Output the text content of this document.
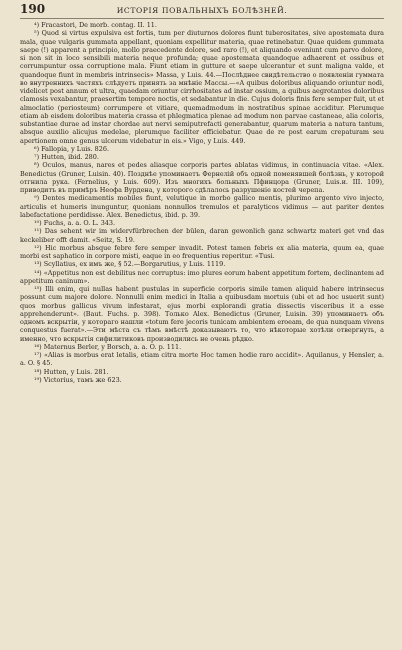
190	ИСТОРІЯ ПОВАЛЬНЫХЪ БОЛѢЗНЕЙ.

⁴) Fracastori, De morb. contag. II. 11.

⁵) Quod si virtus expulsiva est fortis, tum per diuturnos dolores fiunt tuberositates, sive apostemata dura mala, quae vulgaris gummata appellant, quoniam expellitur materia, quae retinebatur. Quae quidem gummata saepe (!) apparent a principio, mollo praecedente dolore, sed raro (!), et aliquando eveniunt cum parvo dolore, si non sit in loco sensibili materia neque profunda; quae apostemata quandoque adhaerent et ossibus et corrumpuntur ossa corruptione mala. Fiunt etiam in gutture et saepe ulcerantur et sunt maligna valde, et quandoque fiunt in membris intrinsecis» Massa, y Luis. 44.—Послѣднее свидѣтельство о появленіи гуммата во внутреннихъ частяхъ слѣдуетъ принять за мнѣніе Массы.—«A quibus doloribus aliquando oriuntur nodi, videlicet post annum et ultra, quaedam oriuntur cirrhositates ad instar ossium, a quibus aegrotantes doloribus clamosis vexabantur, praesertim tempore noctis, et sedabantur in die. Cujus doloris finis fere semper fuit, ut et almoclatio (periosteum) corrumpere et vitiare, quemadmodum in nostratibus spinae acciditur. Plerumque etiam ab eisdem doloribus materia crassa et phlegmatica plenae ad modum non parvae castaneae, alia coloris, substantiae durae ad instar chordae aut nervi semiputrefacti generabantur, quarum materia a natura tantum, absque auxilio alicujus medelae, plerumque faciliter efficiebatur. Quae de re post earum crepaturam seu apertionem omne genus ulcerum videbatur in eis.» Vigo, y Luis. 449.

⁶) Fallopia, y Luis. 826.

⁷) Hutten, ibid. 280.

⁸) Oculos, manus, nares et pedes aliasque corporis partes ablatas vidimus, in continuacia vitae. «Alex. Benedictus (Gruner, Luisin. 40). Позднѣе упоминаетъ Фернелій объ одной поменявшей болѣзнь, у которой отгнила рука. (Fernelius, y Luis. 609). Изъ многихъ больныхъ Пфинцора (Gruner, Luis.и. III. 109), приводитъ въ примѣръ Неофа Вурдена, у которого сдѣлалось разрушеніе костей черепа.

⁹) Dentes medicamentis mobiles fiunt, velutique in morbo gallico mentis, plurimo argento vivo injecto, articulis et humeris inunguntur, quoniam nonnullos tremulos et paralyticos vidimus — aut pariter dentes labefactatione perdidisse. Alex. Benedictus, ibid. p. 39.

¹⁰) Fuchs, a. a. O. L. 343.

¹¹) Das sehent wir im widervfürbrechen der bülen, daran gewonlich ganz schwartz materi get vnd das keckeliber offt damit. «Seitz, S. 19.

¹²) Hic morbus absque febre fere semper invadit. Potest tamen febris ex alia materia, quum ea, quae morbi est saphatico in corpore misti, eaque in eo frequentius reperitur. «Tusi.

¹³) Scyllatius, ex имъ же, § 52.—Borgarutius, y Luis. 1119.

¹⁴) «Appetitus non est debilitus nec corruptus: imo plures eorum habent appetitum fortem, declinantem ad appetitum caninum».

¹⁵) Illi enim, qui nullas habent pustulas in superficie corporis simile tamen aliquid habere intrinsecus possunt cum majore dolore. Nonnulli enim medici in Italia a quibusdam mortuis (ubi et ad hoc usuerit sunt) quos morbus gallicus vivum infestarat, ejus morbi explorandi gratia dissectis visceribus it a esse apprehenderunt». (Baut. Fuchs. p. 398). Только Alex. Benedictus (Gruner, Luisin. 39) упоминаетъ объ одномъ вскрытіи, у котораго нашли «totum fere jecoris tunicam ambientem eroeam, de qua nunquam vivens conquestus fuerat».—Эти мѣста съ тѣмъ вмѣстѣ доказываютъ то, что нѣкоторые хотѣли отвергнуть, а именно, что вскрытія сифилитиковъ производились не очень рѣдко.

¹⁶) Maternus Berler, y Borsch, a. a. O. p. 111.

¹⁷) «Alias is morbus erat letalis, etiam citra morte Hoc tamen hodie raro accidit». Aquilanus, y Hensler, a. a. O. § 45.

¹⁸) Hutten, y Luis. 281.

¹⁹) Victorius, тамъ же 623.
